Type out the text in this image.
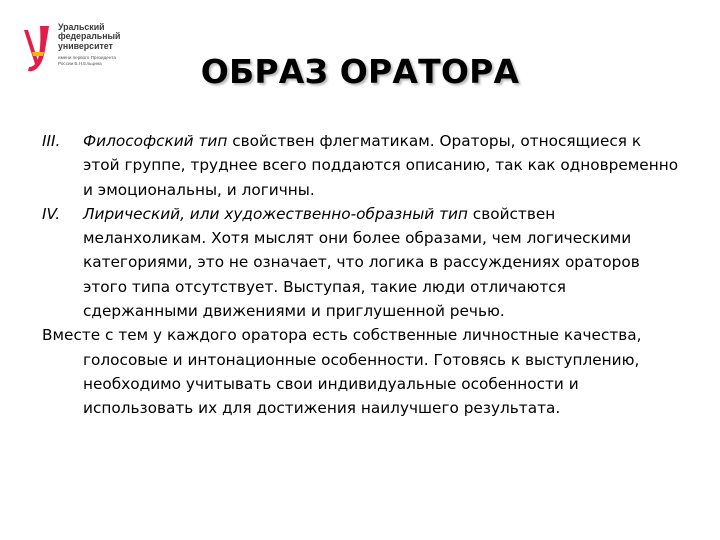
Уральский
федеральный
университет
имени первого Президента
России Б.Н.Ельцина	ОБРАЗ ОРАТОРА

III. Философский тип свойствен флегматикам. Ораторы, относящиеся к этой группе, труднее всего поддаются описанию, так как одновременно и эмоциональны, и логичны.

IV. Лирический, или художественно-образный тип свойствен меланхоликам. Хотя мыслят они более образами, чем логическими категориями, это не означает, что логика в рассуждениях ораторов этого типа отсутствует. Выступая, такие люди отличаются сдержанными движениями и приглушенной речью.

Вместе с тем у каждого оратора есть собственные личностные качества, голосовые и интонационные особенности. Готовясь к выступлению, необходимо учитывать свои индивидуальные особенности и использовать их для достижения наилучшего результата.
